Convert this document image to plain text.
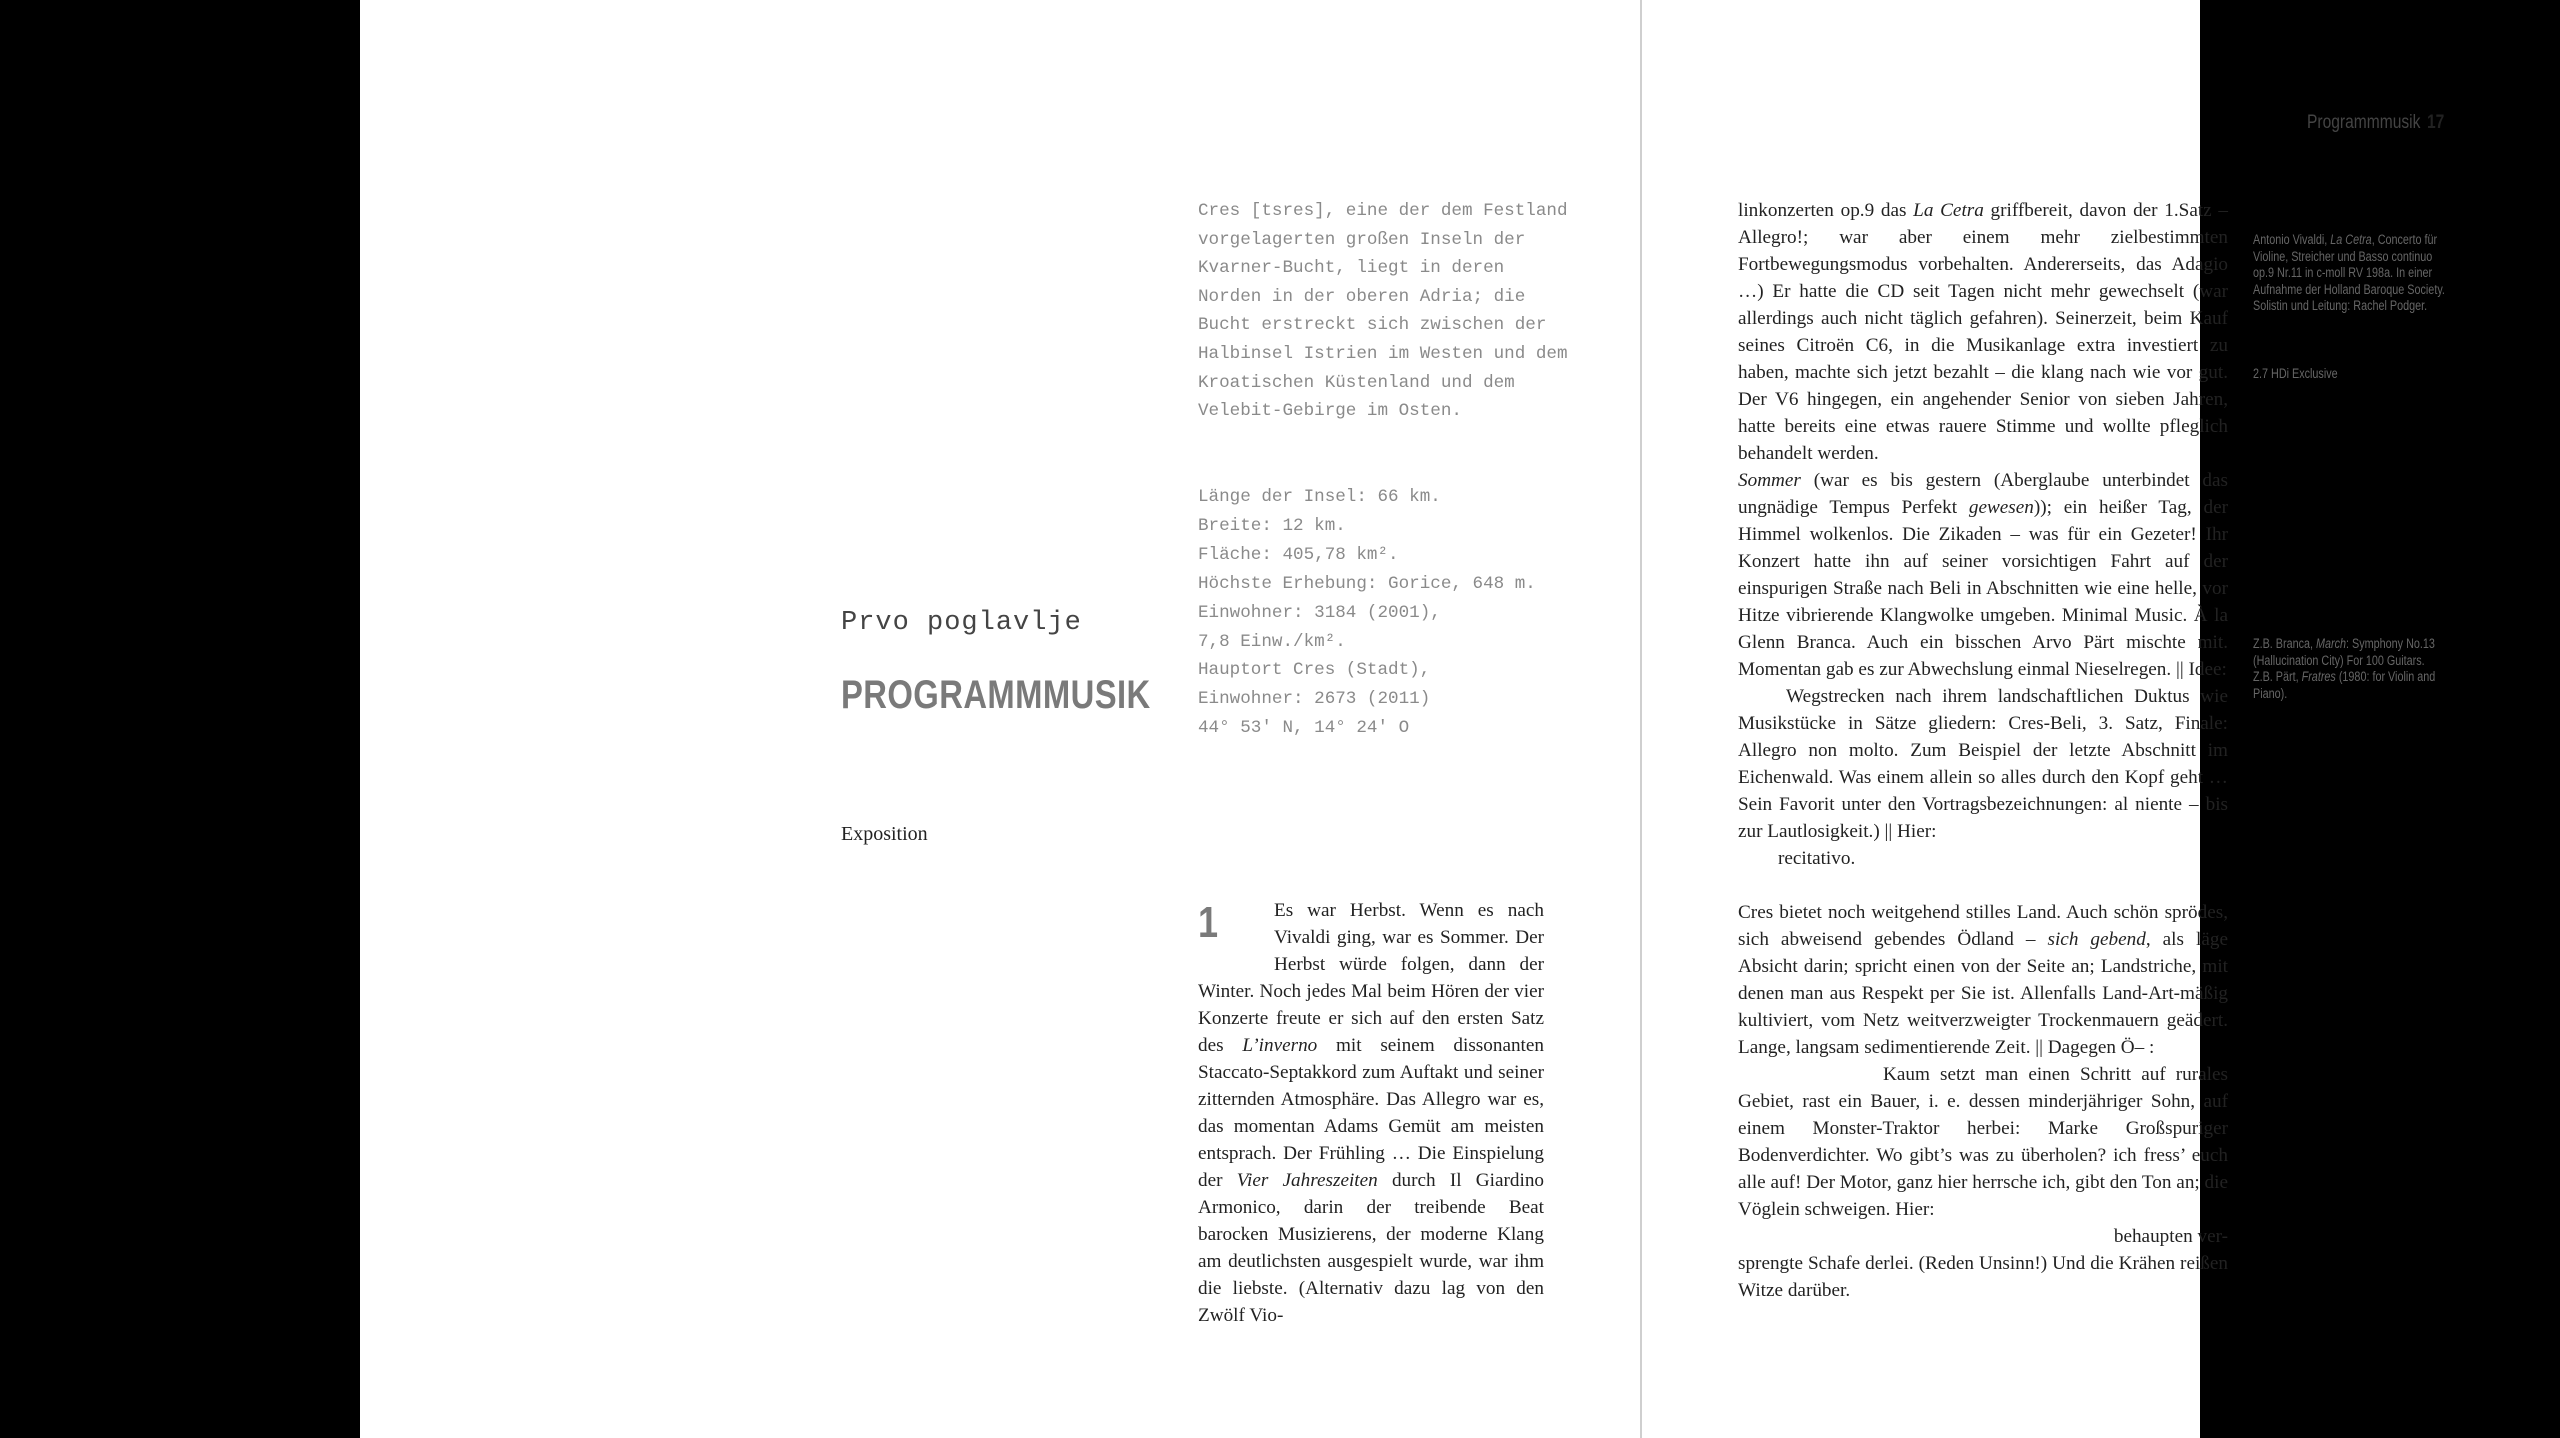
Prvo poglavlje
PROGRAMMMUSIK
Exposition
Cres [tsres], eine der dem Festland vorgelagerten großen Inseln der Kvarner-Bucht, liegt in deren Norden in der oberen Adria; die Bucht erstreckt sich zwischen der Halbinsel Istrien im Westen und dem Kroatischen Küstenland und dem Velebit-Gebirge im Osten.
Länge der Insel: 66 km.
Breite: 12 km.
Fläche: 405,78 km².
Höchste Erhebung: Gorice, 648 m.
Einwohner: 3184 (2001),
7,8 Einw./km².
Hauptort Cres (Stadt),
Einwohner: 2673 (2011)
44° 53′ N, 14° 24′ O
1	Es war Herbst. Wenn es nach Vivaldi ging, war es Sommer. Der Herbst würde folgen, dann der Winter. Noch jedes Mal beim Hören der vier Konzerte freute er sich auf den ersten Satz des L’inverno mit seinem dissonanten Staccato-Septakkord zum Auftakt und seiner zitternden Atmosphäre. Das Allegro war es, das momentan Adams Gemüt am meisten entsprach. Der Frühling … Die Einspielung der Vier Jahreszeiten durch Il Giardino Armonico, darin der treibende Beat barocken Musizierens, der moderne Klang am deutlichsten ausgespielt wurde, war ihm die liebste. (Alternativ dazu lag von den Zwölf Vio-
Programmmusik 17
linkonzerten op.9 das La Cetra griffbereit, davon der 1.Satz – Allegro!; war aber einem mehr zielbestimmten Fortbewegungsmodus vorbehalten. Andererseits, das Adagio …) Er hatte die CD seit Tagen nicht mehr gewechselt (war allerdings auch nicht täglich gefahren). Seinerzeit, beim Kauf seines Citroën C6, in die Musikanlage extra investiert zu haben, machte sich jetzt bezahlt – die klang nach wie vor gut. Der V6 hingegen, ein angehender Senior von sieben Jahren, hatte bereits eine etwas rauere Stimme und wollte pfleglich behandelt werden.
Sommer (war es bis gestern (Aberglaube unterbindet das ungnädige Tempus Perfekt gewesen)); ein heißer Tag, der Himmel wolkenlos. Die Zikaden – was für ein Gezeter! Ihr Konzert hatte ihn auf seiner vorsichtigen Fahrt auf der einspurigen Straße nach Beli in Abschnitten wie eine helle, vor Hitze vibrierende Klangwolke umgeben. Minimal Music. À la Glenn Branca. Auch ein bisschen Arvo Pärt mischte mit. Momentan gab es zur Abwechslung einmal Nieselregen. || Idee:
Wegstrecken nach ihrem landschaftlichen Duktus wie Musikstücke in Sätze gliedern: Cres-Beli, 3. Satz, Finale: Allegro non molto. Zum Beispiel der letzte Abschnitt im Eichenwald. Was einem allein so alles durch den Kopf geht … Sein Favorit unter den Vortragsbezeichnungen: al niente – bis zur Lautlosigkeit.) || Hier:
recitativo.
Cres bietet noch weitgehend stilles Land. Auch schön sprödes, sich abweisend gebendes Ödland – sich gebend, als läge Absicht darin; spricht einen von der Seite an; Landstriche, mit denen man aus Respekt per Sie ist. Allenfalls Land-Art-mäßig kultiviert, vom Netz weitverzweigter Trockenmauern geädert. Lange, langsam sedimentierende Zeit. || Dagegen Ö– :
Kaum setzt man einen Schritt auf rurales Gebiet, rast ein Bauer, i. e. dessen minderjähriger Sohn, auf einem Monster-Traktor herbei: Marke Großspuriger Bodenverdichter. Wo gibt’s was zu überholen? ich fress’ euch alle auf! Der Motor, ganz hier herrsche ich, gibt den Ton an; die Vöglein schweigen. Hier:
behaupten ver-
sprengte Schafe derlei. (Reden Unsinn!) Und die Krähen reißen Witze darüber.
Antonio Vivaldi, La Cetra, Concerto für Violine, Streicher und Basso continuo op.9 Nr.11 in c-moll RV 198a. In einer Aufnahme der Holland Baroque Society. Solistin und Leitung: Rachel Podger.
2.7 HDi Exclusive
Z.B. Branca, March: Symphony No.13 (Hallucination City) For 100 Guitars. Z.B. Pärt, Fratres (1980: for Violin and Piano).
